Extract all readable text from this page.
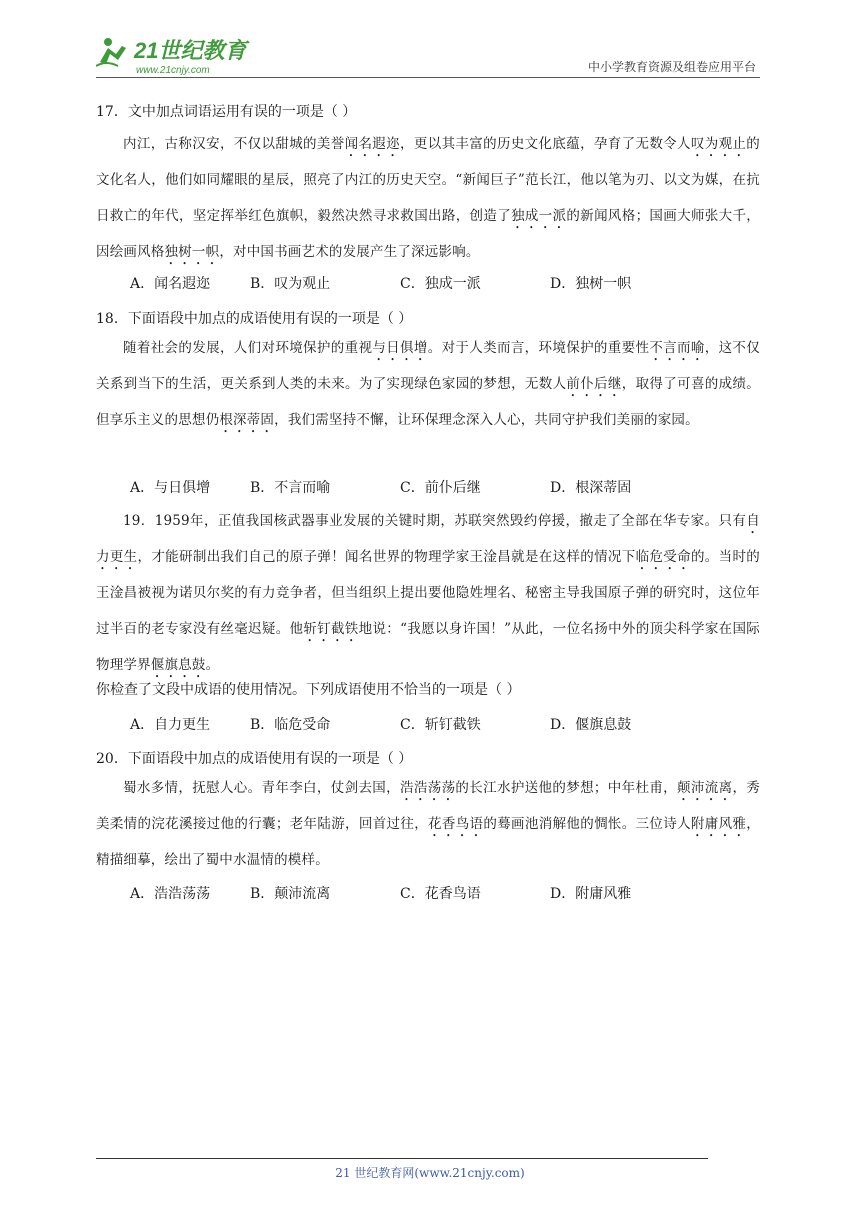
21世纪教育
www.21cnjy.com	中小学教育资源及组卷应用平台
17．文中加点词语运用有误的一项是（ ）
内江，古称汉安，不仅以甜城的美誉闻名遐迩，更以其丰富的历史文化底蕴，孕育了无数令人叹为观止的文化名人，他们如同耀眼的星辰，照亮了内江的历史天空。“新闻巨子”范长江，他以笔为刃、以文为媒，在抗日救亡的年代，坚定挥举红色旗帜，毅然决然寻求救国出路，创造了独成一派的新闻风格；国画大师张大千，因绘画风格独树一帜，对中国书画艺术的发展产生了深远影响。
A．闻名遐迩	B．叹为观止	C．独成一派	D．独树一帜
18．下面语段中加点的成语使用有误的一项是（ ）
随着社会的发展，人们对环境保护的重视与日俱增。对于人类而言，环境保护的重要性不言而喻，这不仅关系到当下的生活，更关系到人类的未来。为了实现绿色家园的梦想，无数人前仆后继，取得了可喜的成绩。但享乐主义的思想仍根深蒂固，我们需坚持不懈，让环保理念深入人心，共同守护我们美丽的家园。
A．与日俱增	B．不言而喻	C．前仆后继	D．根深蒂固
19．1959年，正值我国核武器事业发展的关键时期，苏联突然毁约停援，撤走了全部在华专家。只有自力更生，才能研制出我们自己的原子弹！闻名世界的物理学家王淦昌就是在这样的情况下临危受命的。当时的王淦昌被视为诺贝尔奖的有力竞争者，但当组织上提出要他隐姓埋名、秘密主导我国原子弹的研究时，这位年过半百的老专家没有丝毫迟疑。他斩钉截铁地说：“我愿以身许国！”从此，一位名扬中外的顶尖科学家在国际物理学界偃旗息鼓。
你检查了文段中成语的使用情况。下列成语使用不恰当的一项是（ ）
A．自力更生	B．临危受命	C．斩钉截铁	D．偃旗息鼓
20．下面语段中加点的成语使用有误的一项是（ ）
蜀水多情，抚慰人心。青年李白，仗剑去国，浩浩荡荡的长江水护送他的梦想；中年杜甫，颠沛流离，秀美柔情的浣花溪接过他的行囊；老年陆游，回首过往，花香鸟语的蓦画池消解他的惆怅。三位诗人附庸风雅，精描细摹，绘出了蜀中水温情的模样。
A．浩浩荡荡	B．颠沛流离	C．花香鸟语	D．附庸风雅
21 世纪教育网(www.21cnjy.com)
